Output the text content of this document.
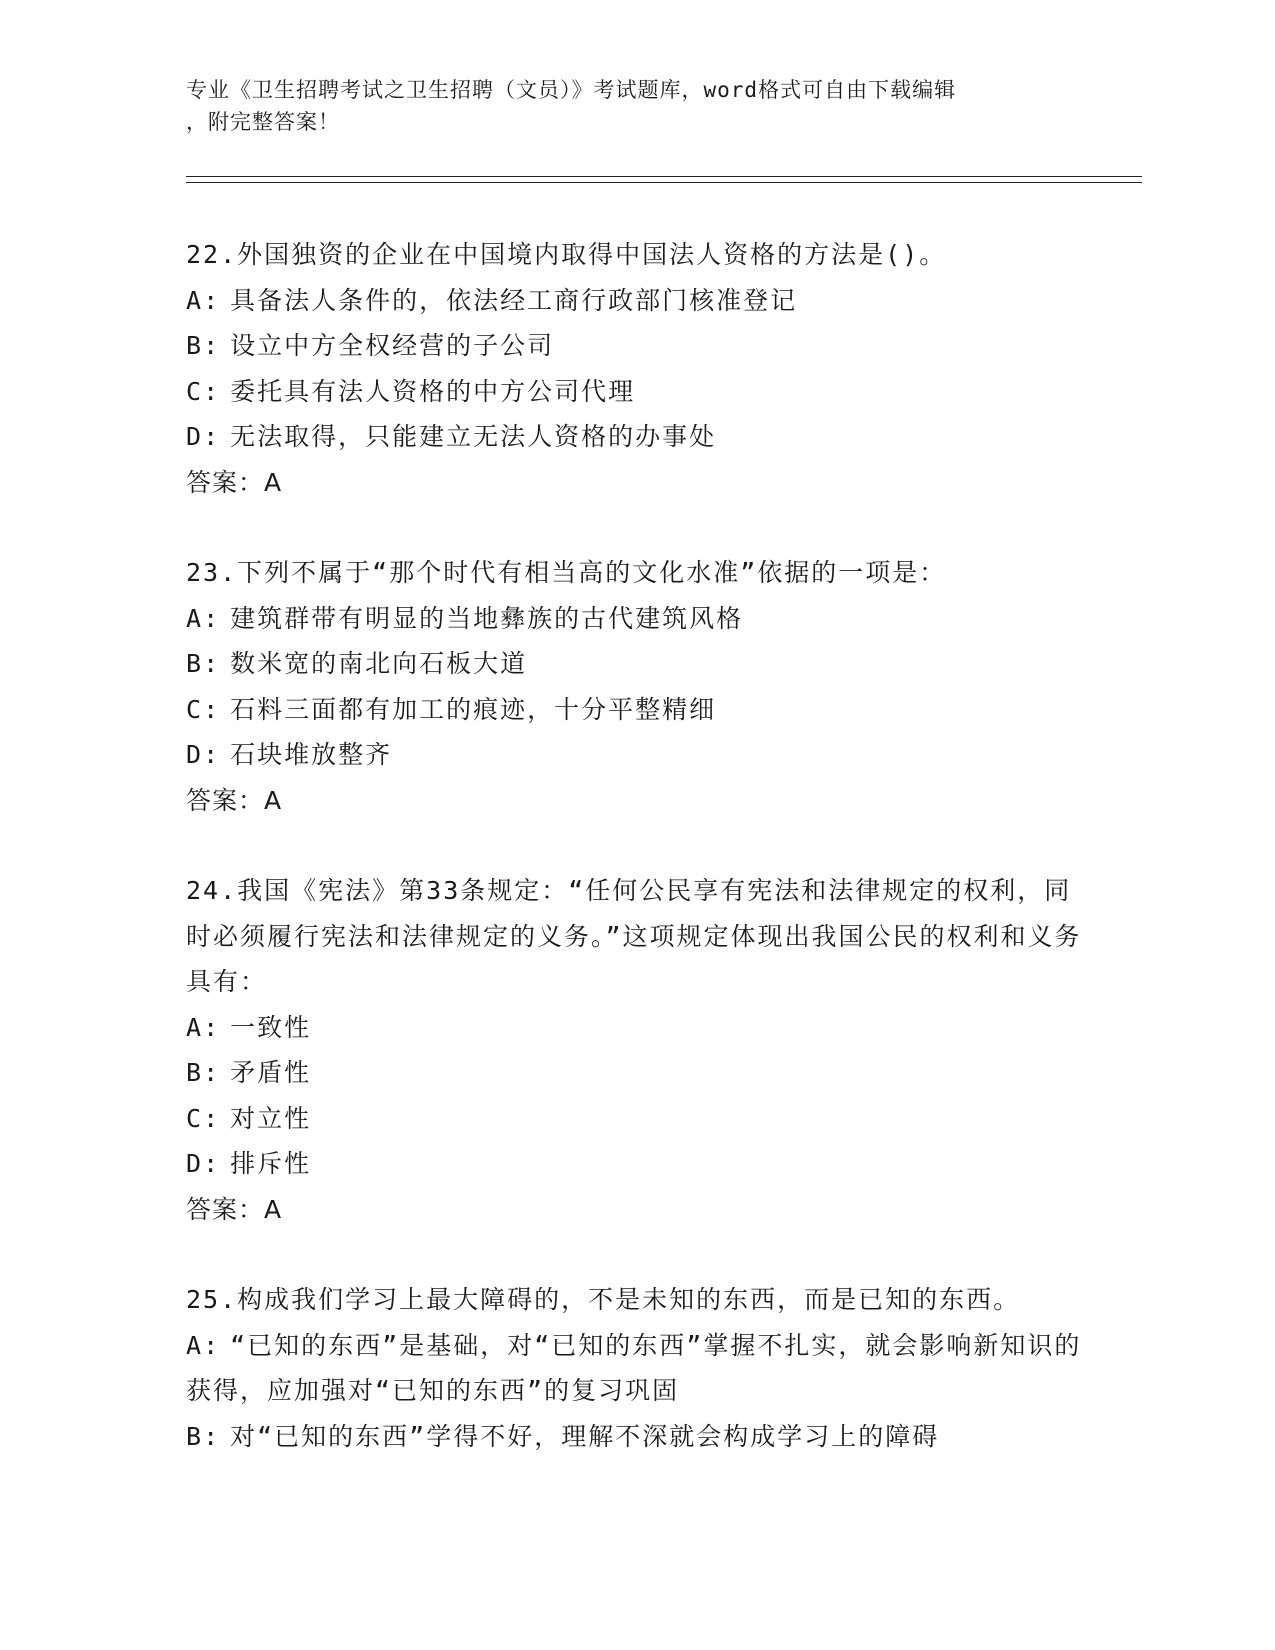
专业《卫生招聘考试之卫生招聘（文员）》考试题库，word格式可自由下载编辑
，附完整答案！

22.外国独资的企业在中国境内取得中国法人资格的方法是()。

A : 具备法人条件的，依法经工商行政部门核准登记

B : 设立中方全权经营的子公司

C : 委托具有法人资格的中方公司代理

D : 无法取得，只能建立无法人资格的办事处

答案：A

23.下列不属于“那个时代有相当高的文化水准”依据的一项是：

A : 建筑群带有明显的当地彝族的古代建筑风格

B : 数米宽的南北向石板大道

C : 石料三面都有加工的痕迹，十分平整精细

D : 石块堆放整齐

答案：A

24.我国《宪法》第33条规定：“任何公民享有宪法和法律规定的权利，同时必须履行宪法和法律规定的义务。”这项规定体现出我国公民的权利和义务具有：

A : 一致性

B : 矛盾性

C : 对立性

D : 排斥性

答案：A

25.构成我们学习上最大障碍的，不是未知的东西，而是已知的东西。

A: “已知的东西”是基础，对“已知的东西”掌握不扎实，就会影响新知识的获得，应加强对“已知的东西”的复习巩固

B : 对“已知的东西”学得不好，理解不深就会构成学习上的障碍
